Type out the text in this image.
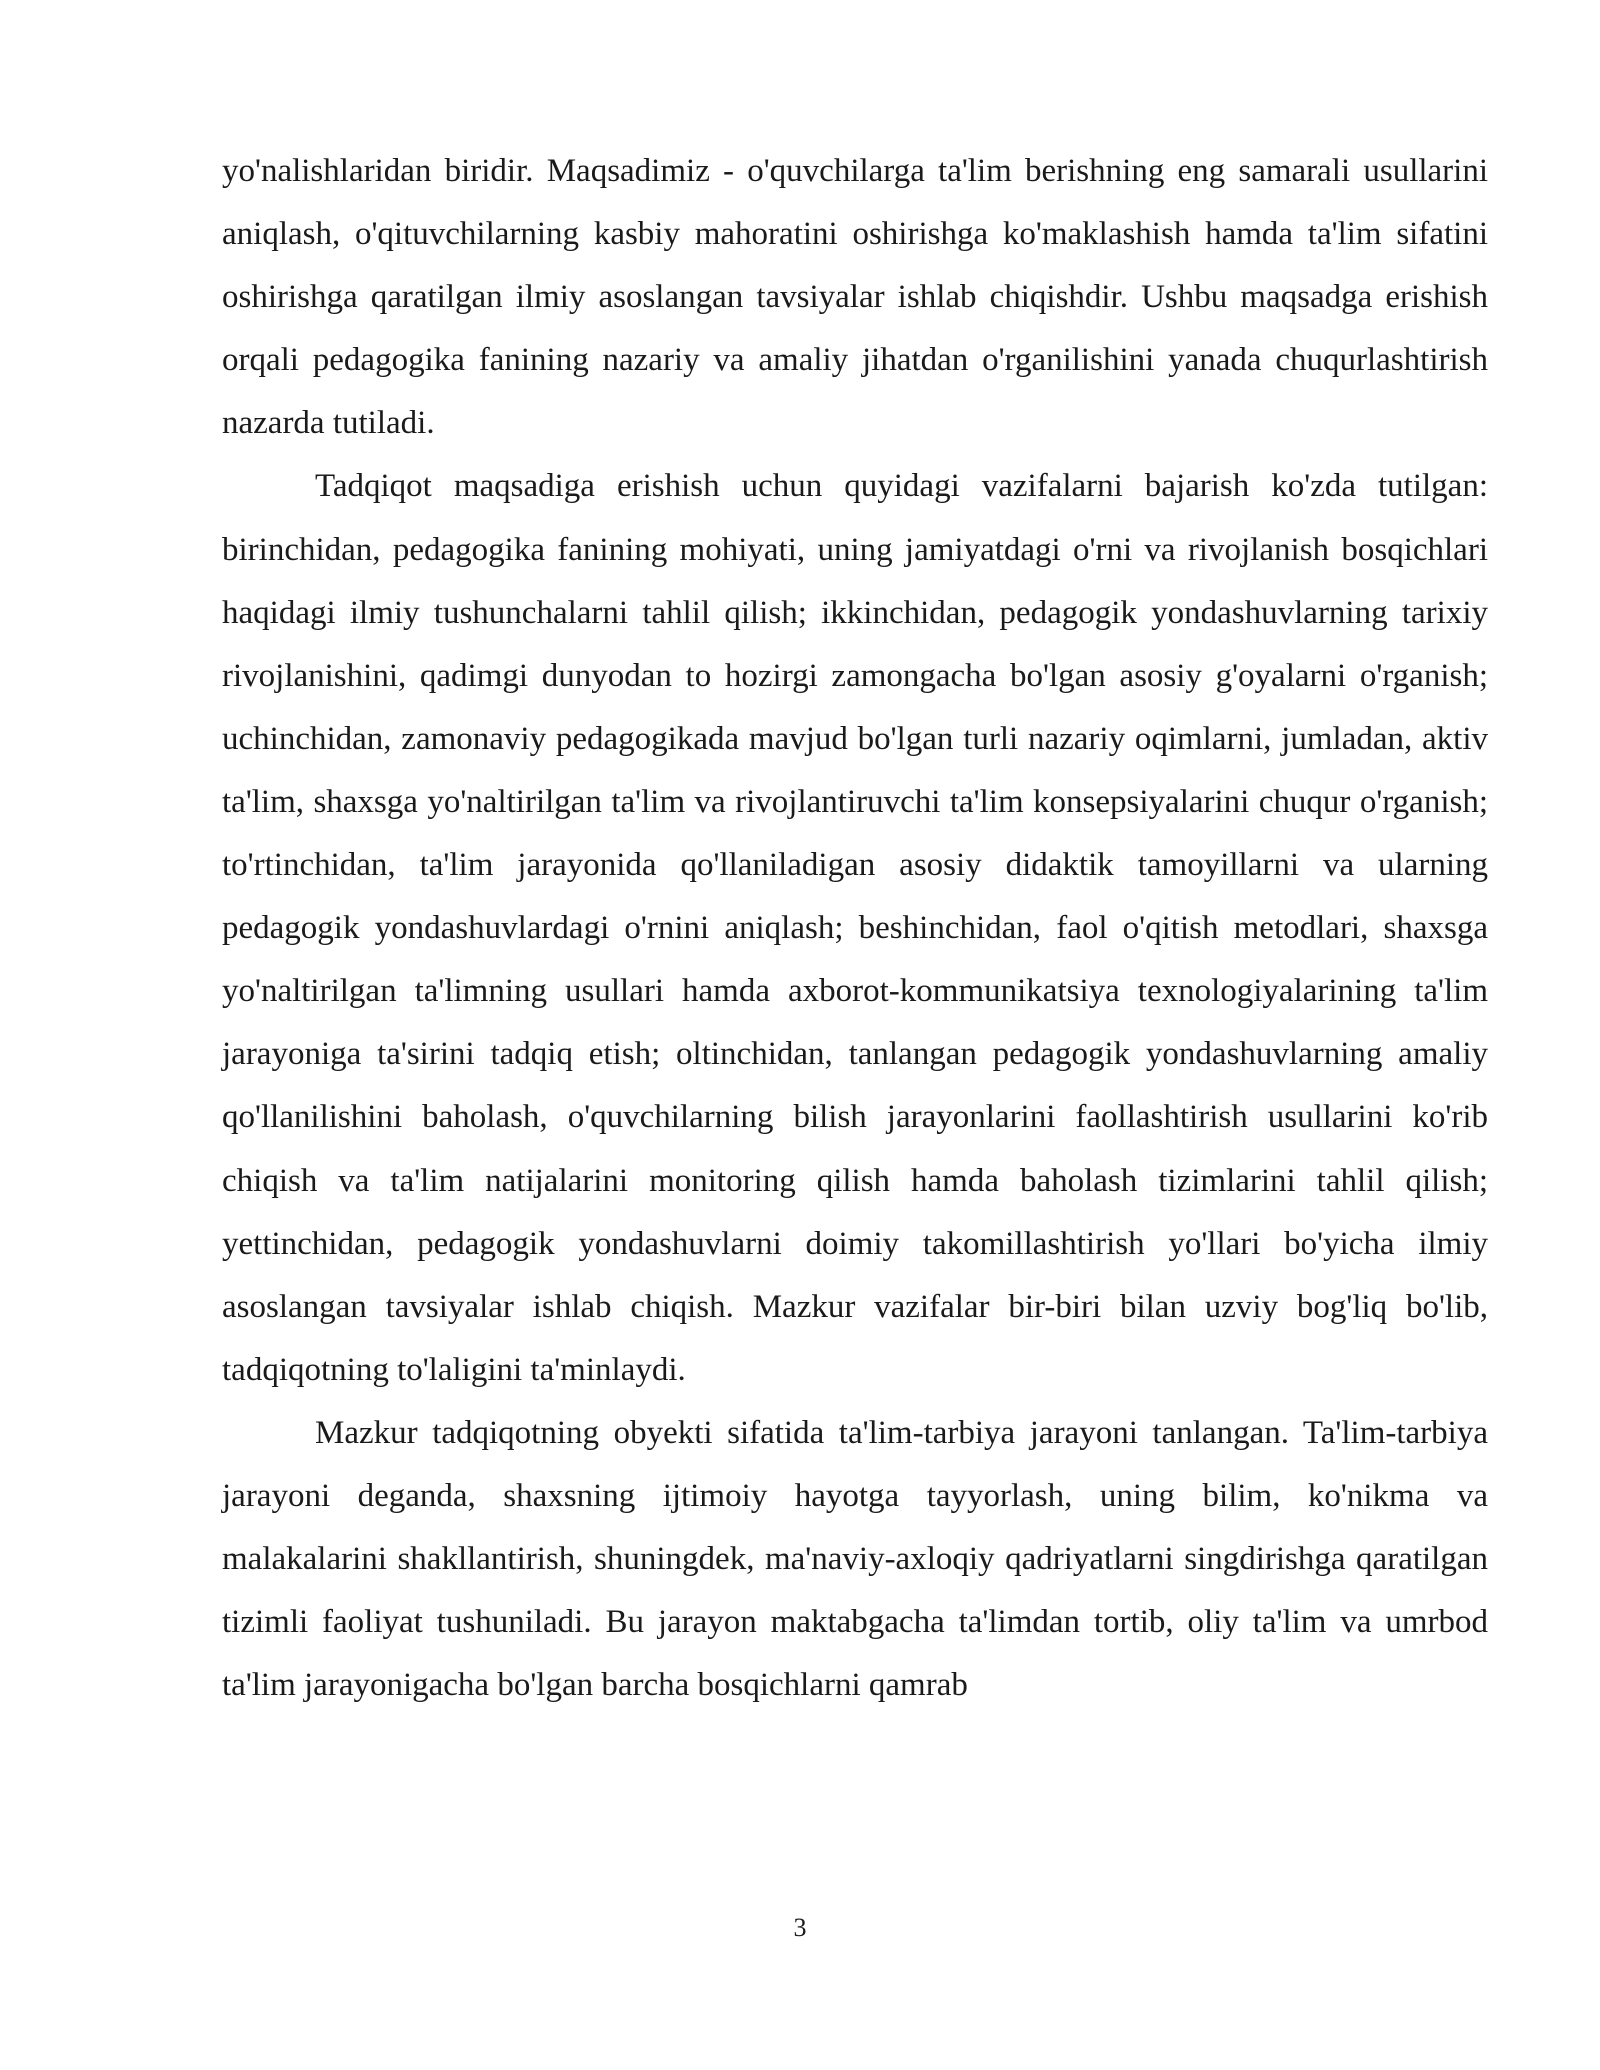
yo'nalishlaridan biridir. Maqsadimiz - o'quvchilarga ta'lim berishning eng samarali usullarini aniqlash, o'qituvchilarning kasbiy mahoratini oshirishga ko'maklashish hamda ta'lim sifatini oshirishga qaratilgan ilmiy asoslangan tavsiyalar ishlab chiqishdir. Ushbu maqsadga erishish orqali pedagogika fanining nazariy va amaliy jihatdan o'rganilishini yanada chuqurlashtirish nazarda tutiladi.

Tadqiqot maqsadiga erishish uchun quyidagi vazifalarni bajarish ko'zda tutilgan: birinchidan, pedagogika fanining mohiyati, uning jamiyatdagi o'rni va rivojlanish bosqichlari haqidagi ilmiy tushunchalarni tahlil qilish; ikkinchidan, pedagogik yondashuvlarning tarixiy rivojlanishini, qadimgi dunyodan to hozirgi zamongacha bo'lgan asosiy g'oyalarni o'rganish; uchinchidan, zamonaviy pedagogikada mavjud bo'lgan turli nazariy oqimlarni, jumladan, aktiv ta'lim, shaxsga yo'naltirilgan ta'lim va rivojlantiruvchi ta'lim konsepsiyalarini chuqur o'rganish; to'rtinchidan, ta'lim jarayonida qo'llaniladigan asosiy didaktik tamoyillarni va ularning pedagogik yondashuvlardagi o'rnini aniqlash; beshinchidan, faol o'qitish metodlari, shaxsga yo'naltirilgan ta'limning usullari hamda axborot-kommunikatsiya texnologiyalarining ta'lim jarayoniga ta'sirini tadqiq etish; oltinchidan, tanlangan pedagogik yondashuvlarning amaliy qo'llanilishini baholash, o'quvchilarning bilish jarayonlarini faollashtirish usullarini ko'rib chiqish va ta'lim natijalarini monitoring qilish hamda baholash tizimlarini tahlil qilish; yettinchidan, pedagogik yondashuvlarni doimiy takomillashtirish yo'llari bo'yicha ilmiy asoslangan tavsiyalar ishlab chiqish. Mazkur vazifalar bir-biri bilan uzviy bog'liq bo'lib, tadqiqotning to'laligini ta'minlaydi.

Mazkur tadqiqotning obyekti sifatida ta'lim-tarbiya jarayoni tanlangan. Ta'lim-tarbiya jarayoni deganda, shaxsning ijtimoiy hayotga tayyorlash, uning bilim, ko'nikma va malakalarini shakllantirish, shuningdek, ma'naviy-axloqiy qadriyatlarni singdirishga qaratilgan tizimli faoliyat tushuniladi. Bu jarayon maktabgacha ta'limdan tortib, oliy ta'lim va umrbod ta'lim jarayonigacha bo'lgan barcha bosqichlarni qamrab

3
